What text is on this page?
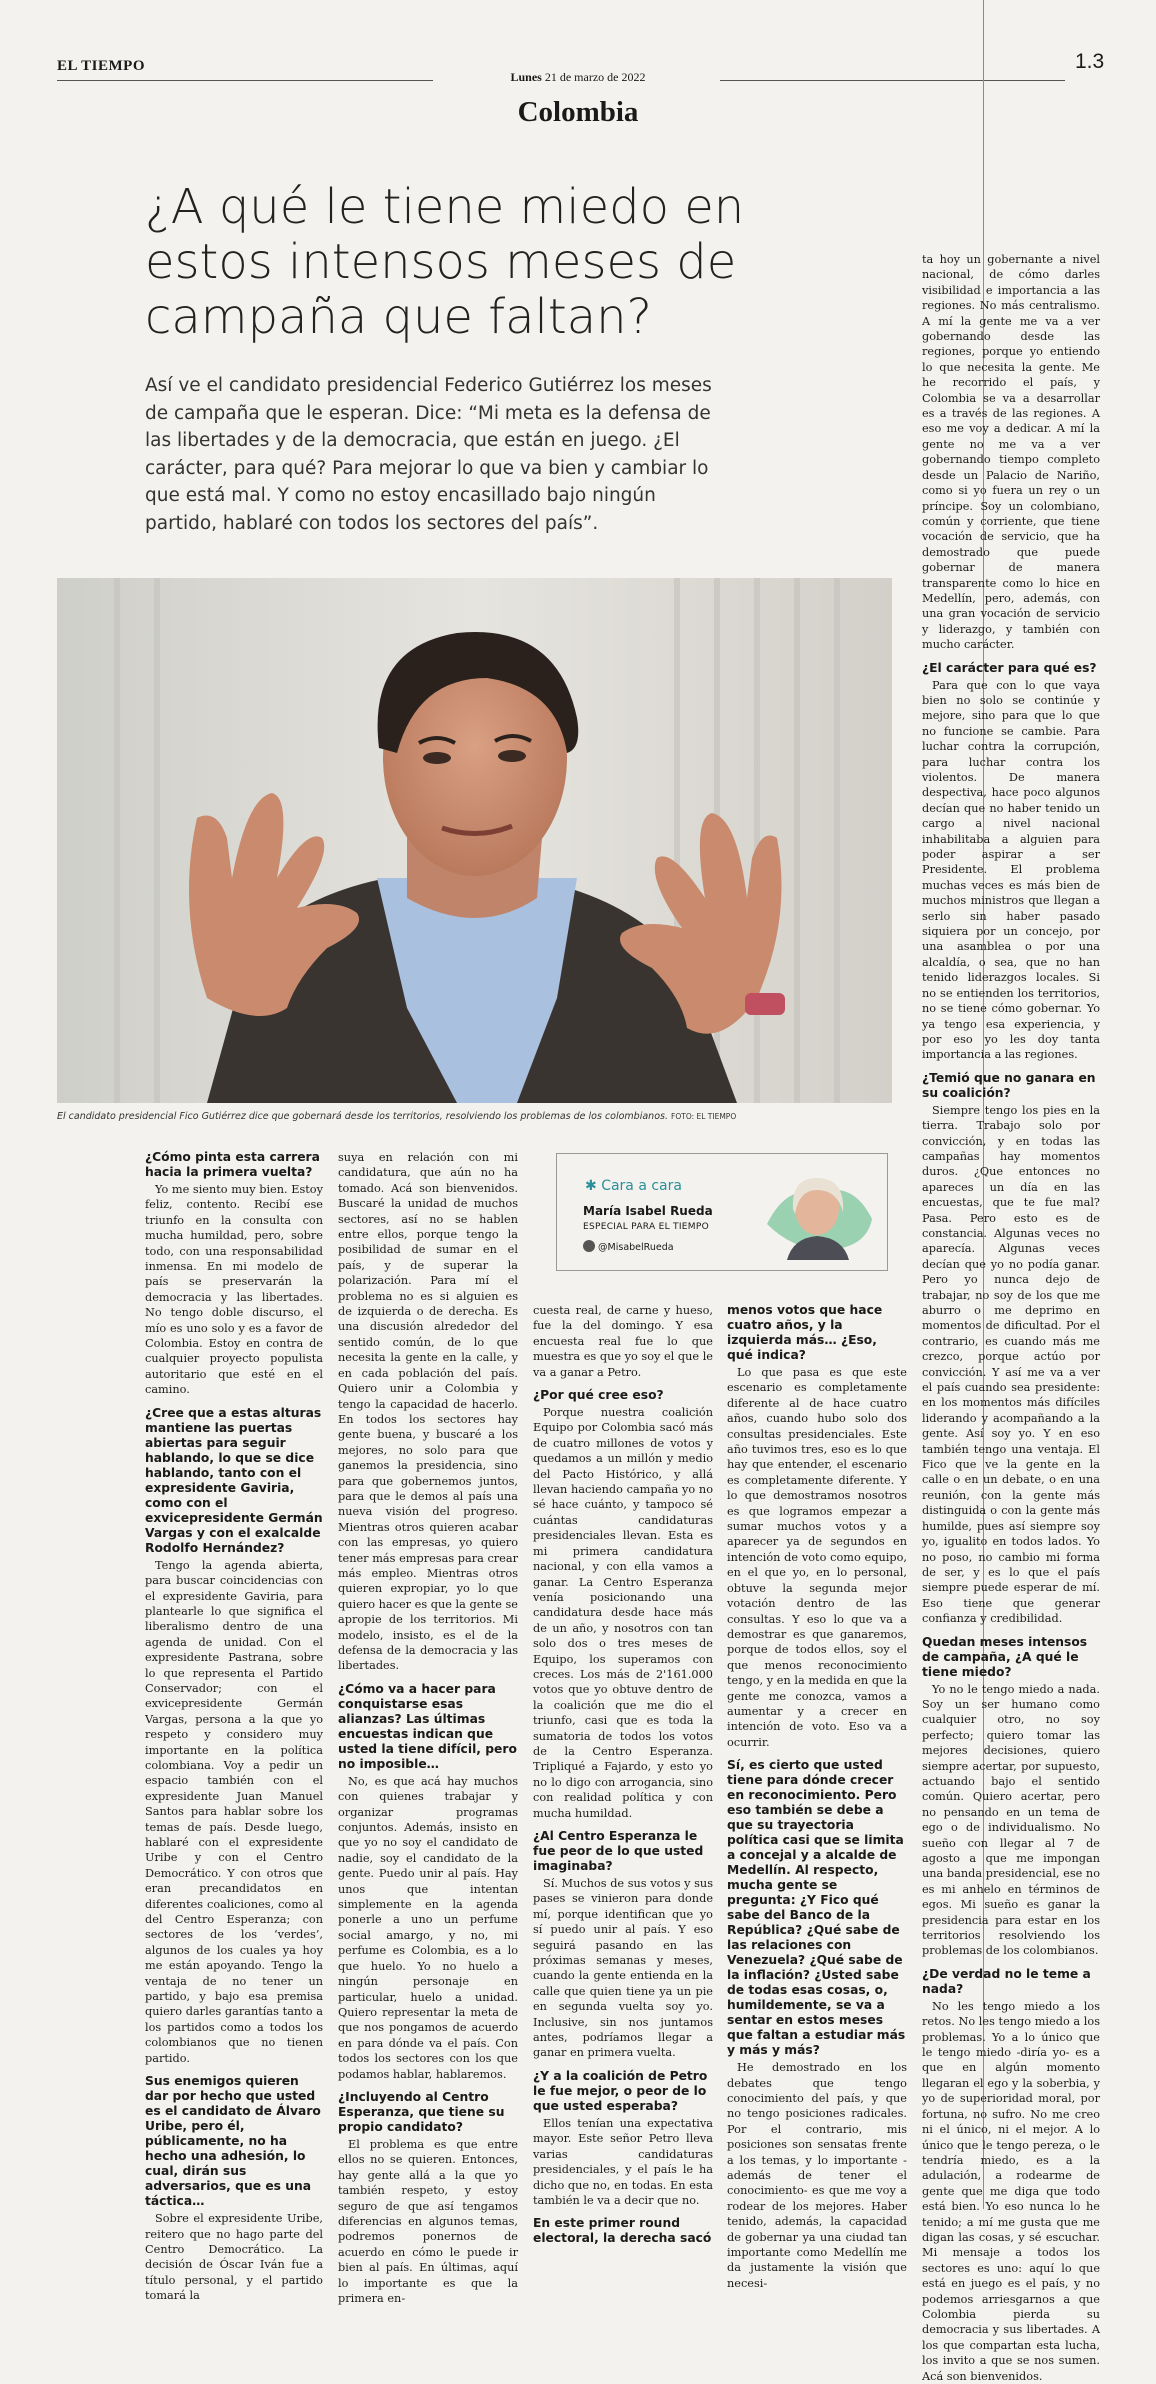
EL TIEMPO
Lunes 21 de marzo de 2022
Colombia
1.3
¿A qué le tiene miedo en estos intensos meses de campaña que faltan?
Así ve el candidato presidencial Federico Gutiérrez los meses de campaña que le esperan. Dice: “Mi meta es la defensa de las libertades y de la democracia, que están en juego. ¿El carácter, para qué? Para mejorar lo que va bien y cambiar lo que está mal. Y como no estoy encasillado bajo ningún partido, hablaré con todos los sectores del país”.
El candidato presidencial Fico Gutiérrez dice que gobernará desde los territorios, resolviendo los problemas de los colombianos. FOTO: EL TIEMPO
✱ Cara a cara
María Isabel Rueda
ESPECIAL PARA EL TIEMPO
@MisabelRueda
¿Cómo pinta esta carrera hacia la primera vuelta?

Yo me siento muy bien. Estoy feliz, contento. Recibí ese triunfo en la consulta con mucha humildad, pero, sobre todo, con una responsabilidad inmensa. En mi modelo de país se preservarán la democracia y las libertades. No tengo doble discurso, el mío es uno solo y es a favor de Colombia. Estoy en contra de cualquier proyecto populista autoritario que esté en el camino.

¿Cree que a estas alturas mantiene las puertas abiertas para seguir hablando, lo que se dice hablando, tanto con el expresidente Gaviria, como con el exvicepresidente Germán Vargas y con el exalcalde Rodolfo Hernández?

Tengo la agenda abierta, para buscar coincidencias con el expresidente Gaviria, para plantearle lo que significa el liberalismo dentro de una agenda de unidad. Con el expresidente Pastrana, sobre lo que representa el Partido Conservador; con el exvicepresidente Germán Vargas, persona a la que yo respeto y considero muy importante en la política colombiana. Voy a pedir un espacio también con el expresidente Juan Manuel Santos para hablar sobre los temas de país. Desde luego, hablaré con el expresidente Uribe y con el Centro Democrático. Y con otros que eran precandidatos en diferentes coaliciones, como al del Centro Esperanza; con sectores de los ‘verdes’, algunos de los cuales ya hoy me están apoyando. Tengo la ventaja de no tener un partido, y bajo esa premisa quiero darles garantías tanto a los partidos como a todos los colombianos que no tienen partido.

Sus enemigos quieren dar por hecho que usted es el candidato de Álvaro Uribe, pero él, públicamente, no ha hecho una adhesión, lo cual, dirán sus adversarios, que es una táctica…

Sobre el expresidente Uribe, reitero que no hago parte del Centro Democrático. La decisión de Óscar Iván fue a título personal, y el partido tomará la

suya en relación con mi candidatura, que aún no ha tomado. Acá son bienvenidos. Buscaré la unidad de muchos sectores, así no se hablen entre ellos, porque tengo la posibilidad de sumar en el país, y de superar la polarización. Para mí el problema no es si alguien es de izquierda o de derecha. Es una discusión alrededor del sentido común, de lo que necesita la gente en la calle, y en cada población del país. Quiero unir a Colombia y tengo la capacidad de hacerlo. En todos los sectores hay gente buena, y buscaré a los mejores, no solo para que ganemos la presidencia, sino para que gobernemos juntos, para que le demos al país una nueva visión del progreso. Mientras otros quieren acabar con las empresas, yo quiero tener más empresas para crear más empleo. Mientras otros quieren expropiar, yo lo que quiero hacer es que la gente se apropie de los territorios. Mi modelo, insisto, es el de la defensa de la democracia y las libertades.

¿Cómo va a hacer para conquistarse esas alianzas? Las últimas encuestas indican que usted la tiene difícil, pero no imposible…

No, es que acá hay muchos con quienes trabajar y organizar programas conjuntos. Además, insisto en que yo no soy el candidato de nadie, soy el candidato de la gente. Puedo unir al país. Hay unos que intentan simplemente en la agenda ponerle a uno un perfume social amargo, y no, mi perfume es Colombia, es a lo que huelo. Yo no huelo a ningún personaje en particular, huelo a unidad. Quiero representar la meta de que nos pongamos de acuerdo en para dónde va el país. Con todos los sectores con los que podamos hablar, hablaremos.

¿Incluyendo al Centro Esperanza, que tiene su propio candidato?

El problema es que entre ellos no se quieren. Entonces, hay gente allá a la que yo también respeto, y estoy seguro de que así tengamos diferencias en algunos temas, podremos ponernos de acuerdo en cómo le puede ir bien al país. En últimas, aquí lo importante es que la primera en-

cuesta real, de carne y hueso, fue la del domingo. Y esa encuesta real fue lo que muestra es que yo soy el que le va a ganar a Petro.

¿Por qué cree eso?

Porque nuestra coalición Equipo por Colombia sacó más de cuatro millones de votos y quedamos a un millón y medio del Pacto Histórico, y allá llevan haciendo campaña yo no sé hace cuánto, y tampoco sé cuántas candidaturas presidenciales llevan. Esta es mi primera candidatura nacional, y con ella vamos a ganar. La Centro Esperanza venía posicionando una candidatura desde hace más de un año, y nosotros con tan solo dos o tres meses de Equipo, los superamos con creces. Los más de 2'161.000 votos que yo obtuve dentro de la coalición que me dio el triunfo, casi que es toda la sumatoria de todos los votos de la Centro Esperanza. Tripliqué a Fajardo, y esto yo no lo digo con arrogancia, sino con realidad política y con mucha humildad.

¿Al Centro Esperanza le fue peor de lo que usted imaginaba?

Sí. Muchos de sus votos y sus pases se vinieron para donde mí, porque identifican que yo sí puedo unir al país. Y eso seguirá pasando en las próximas semanas y meses, cuando la gente entienda en la calle que quien tiene ya un pie en segunda vuelta soy yo. Inclusive, sin nos juntamos antes, podríamos llegar a ganar en primera vuelta.

¿Y a la coalición de Petro le fue mejor, o peor de lo que usted esperaba?

Ellos tenían una expectativa mayor. Este señor Petro lleva varias candidaturas presidenciales, y el país le ha dicho que no, en todas. En esta también le va a decir que no.

En este primer round electoral, la derecha sacó
menos votos que hace cuatro años, y la izquierda más… ¿Eso, qué indica?

Lo que pasa es que este escenario es completamente diferente al de hace cuatro años, cuando hubo solo dos consultas presidenciales. Este año tuvimos tres, eso es lo que hay que entender, el escenario es completamente diferente. Y lo que demostramos nosotros es que logramos empezar a sumar muchos votos y a aparecer ya de segundos en intención de voto como equipo, en el que yo, en lo personal, obtuve la segunda mejor votación dentro de las consultas. Y eso lo que va a demostrar es que ganaremos, porque de todos ellos, soy el que menos reconocimiento tengo, y en la medida en que la gente me conozca, vamos a aumentar y a crecer en intención de voto. Eso va a ocurrir.

Sí, es cierto que usted tiene para dónde crecer en reconocimiento. Pero eso también se debe a que su trayectoria política casi que se limita a concejal y a alcalde de Medellín. Al respecto, mucha gente se pregunta: ¿Y Fico qué sabe del Banco de la República? ¿Qué sabe de las relaciones con Venezuela? ¿Qué sabe de la inflación? ¿Usted sabe de todas esas cosas, o, humildemente, se va a sentar en estos meses que faltan a estudiar más y más y más?

He demostrado en los debates que tengo conocimiento del país, y que no tengo posiciones radicales. Por el contrario, mis posiciones son sensatas frente a los temas, y lo importante -además de tener el conocimiento- es que me voy a rodear de los mejores. Haber tenido, además, la capacidad de gobernar ya una ciudad tan importante como Medellín me da justamente la visión que necesi-

ta hoy un gobernante a nivel nacional, de cómo darles visibilidad e importancia a las regiones. No más centralismo. A mí la gente me va a ver gobernando desde las regiones, porque yo entiendo lo que necesita la gente. Me he recorrido el país, y Colombia se va a desarrollar es a través de las regiones. A eso me voy a dedicar. A mí la gente no me va a ver gobernando tiempo completo desde un Palacio de Nariño, como si yo fuera un rey o un príncipe. Soy un colombiano, común y corriente, que tiene vocación de servicio, que ha demostrado que puede gobernar de manera transparente como lo hice en Medellín, pero, además, con una gran vocación de servicio y liderazgo, y también con mucho carácter.

¿El carácter para qué es?

Para que con lo que vaya bien no solo se continúe y mejore, sino para que lo que no funcione se cambie. Para luchar contra la corrupción, para luchar contra los violentos. De manera despectiva, hace poco algunos decían que no haber tenido un cargo a nivel nacional inhabilitaba a alguien para poder aspirar a ser Presidente. El problema muchas veces es más bien de muchos ministros que llegan a serlo sin haber pasado siquiera por un concejo, por una asamblea o por una alcaldía, o sea, que no han tenido liderazgos locales. Si no se entienden los territorios, no se tiene cómo gobernar. Yo ya tengo esa experiencia, y por eso yo les doy tanta importancia a las regiones.

¿Temió que no ganara en su coalición?

Siempre tengo los pies en la tierra. Trabajo solo por convicción, y en todas las campañas hay momentos duros. ¿Que entonces no apareces un día en las encuestas, que te fue mal? Pasa. Pero esto es de constancia. Algunas veces no aparecía. Algunas veces decían que yo no podía ganar. Pero yo nunca dejo de trabajar, no soy de los que me aburro o me deprimo en momentos de dificultad. Por el contrario, es cuando más me crezco, porque actúo por convicción. Y así me va a ver el país cuando sea presidente: en los momentos más difíciles liderando y acompañando a la gente. Así soy yo. Y en eso también tengo una ventaja. El Fico que ve la gente en la calle o en un debate, o en una reunión, con la gente más distinguida o con la gente más humilde, pues así siempre soy yo, igualito en todos lados. Yo no poso, no cambio mi forma de ser, y es lo que el país siempre puede esperar de mí. Eso tiene que generar confianza y credibilidad.

Quedan meses intensos de campaña, ¿A qué le tiene miedo?

Yo no le tengo miedo a nada. Soy un ser humano como cualquier otro, no soy perfecto; quiero tomar las mejores decisiones, quiero siempre acertar, por supuesto, actuando bajo el sentido común. Quiero acertar, pero no pensando en un tema de ego o de individualismo. No sueño con llegar al 7 de agosto a que me impongan una banda presidencial, ese no es mi anhelo en términos de egos. Mi sueño es ganar la presidencia para estar en los territorios resolviendo los problemas de los colombianos.

¿De verdad no le teme a nada?

No les tengo miedo a los retos. No les tengo miedo a los problemas. Yo a lo único que le tengo miedo -diría yo- es a que en algún momento llegaran el ego y la soberbia, y yo de superioridad moral, por fortuna, no sufro. No me creo ni el único, ni el mejor. A lo único que le tengo pereza, o le tendría miedo, es a la adulación, a rodearme de gente que me diga que todo está bien. Yo eso nunca lo he tenido; a mí me gusta que me digan las cosas, y sé escuchar. Mi mensaje a todos los sectores es uno: aquí lo que está en juego es el país, y no podemos arriesgarnos a que Colombia pierda su democracia y sus libertades. A los que compartan esta lucha, los invito a que se nos sumen. Acá son bienvenidos.
